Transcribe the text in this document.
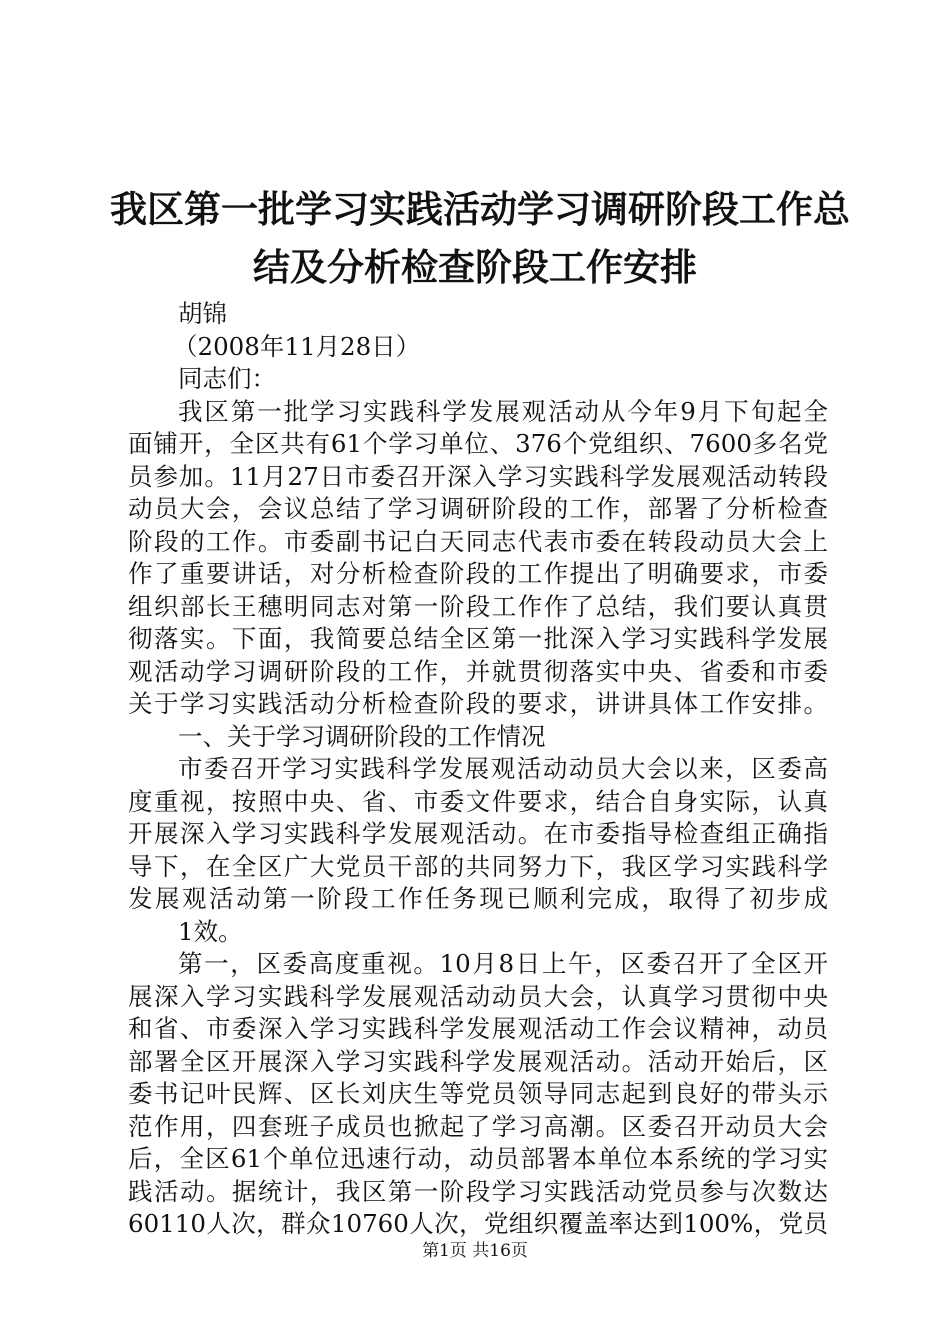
我区第一批学习实践活动学习调研阶段工作总
结及分析检查阶段工作安排
胡锦
（2008年11月28日）
同志们：
我区第一批学习实践科学发展观活动从今年9月下旬起全
面铺开，全区共有61个学习单位、376个党组织、7600多名党
员参加。11月27日市委召开深入学习实践科学发展观活动转段
动员大会，会议总结了学习调研阶段的工作，部署了分析检查
阶段的工作。市委副书记白天同志代表市委在转段动员大会上
作了重要讲话，对分析检查阶段的工作提出了明确要求，市委
组织部长王穗明同志对第一阶段工作作了总结，我们要认真贯
彻落实。下面，我简要总结全区第一批深入学习实践科学发展
观活动学习调研阶段的工作，并就贯彻落实中央、省委和市委
关于学习实践活动分析检查阶段的要求，讲讲具体工作安排。
一、关于学习调研阶段的工作情况
市委召开学习实践科学发展观活动动员大会以来，区委高
度重视，按照中央、省、市委文件要求，结合自身实际，认真
开展深入学习实践科学发展观活动。在市委指导检查组正确指
导下，在全区广大党员干部的共同努力下，我区学习实践科学
发展观活动第一阶段工作任务现已顺利完成，取得了初步成
1效。
第一，区委高度重视。10月8日上午，区委召开了全区开
展深入学习实践科学发展观活动动员大会，认真学习贯彻中央
和省、市委深入学习实践科学发展观活动工作会议精神，动员
部署全区开展深入学习实践科学发展观活动。活动开始后，区
委书记叶民辉、区长刘庆生等党员领导同志起到良好的带头示
范作用，四套班子成员也掀起了学习高潮。区委召开动员大会
后，全区61个单位迅速行动，动员部署本单位本系统的学习实
践活动。据统计，我区第一阶段学习实践活动党员参与次数达
60110人次，群众10760人次，党组织覆盖率达到100%，党员
第1页 共16页
